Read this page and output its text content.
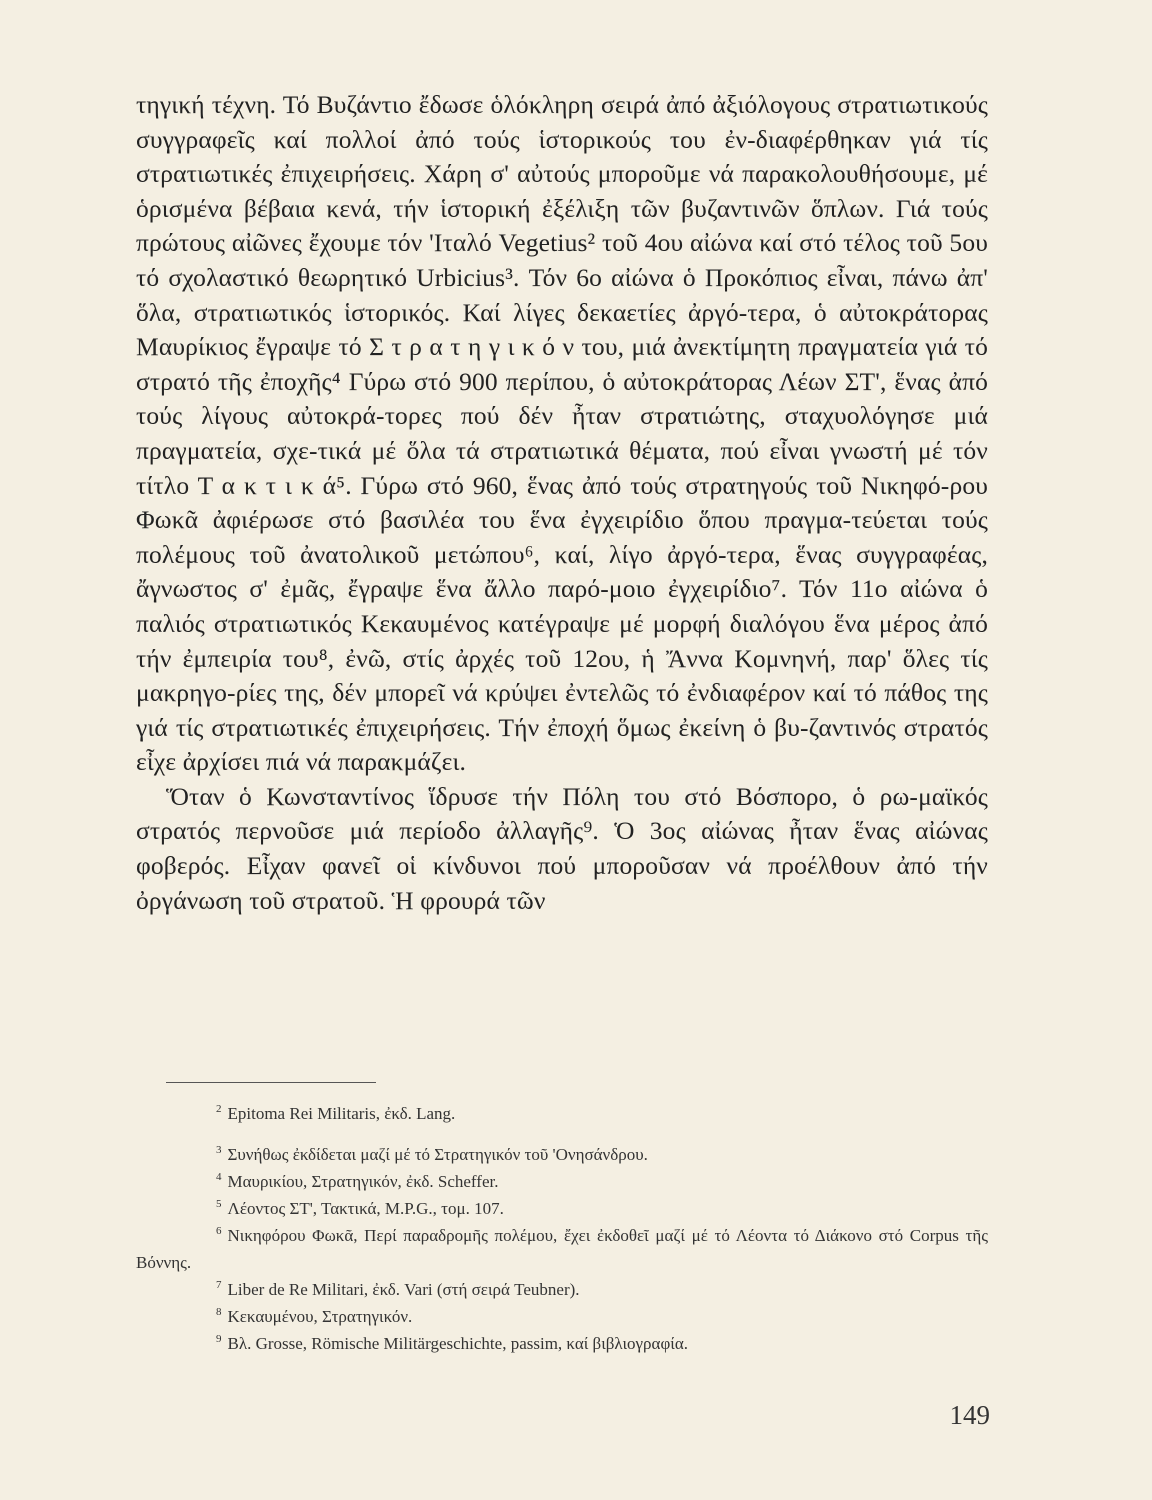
τηγική τέχνη. Τό Βυζάντιο ἔδωσε ὁλόκληρη σειρά ἀπό ἀξιόλογους στρατιωτικούς συγγραφεῖς καί πολλοί ἀπό τούς ἱστορικούς του ἐν-διαφέρθηκαν γιά τίς στρατιωτικές ἐπιχειρήσεις. Χάρη σ' αὐτούς μποροῦμε νά παρακολουθήσουμε, μέ ὁρισμένα βέβαια κενά, τήν ἱστορική ἐξέλιξη τῶν βυζαντινῶν ὅπλων. Γιά τούς πρώτους αἰῶνες ἔχουμε τόν 'Ιταλό Vegetius² τοῦ 4ου αἰώνα καί στό τέλος τοῦ 5ου τό σχολαστικό θεωρητικό Urbicius³. Τόν 6ο αἰώνα ὁ Προκόπιος εἶναι, πάνω ἀπ' ὅλα, στρατιωτικός ἱστορικός. Καί λίγες δεκαετίες ἀργό-τερα, ὁ αὐτοκράτορας Μαυρίκιος ἔγραψε τό Σ τ ρ α τ η γ ι κ ό ν του, μιά ἀνεκτίμητη πραγματεία γιά τό στρατό τῆς ἐποχῆς⁴ Γύρω στό 900 περίπου, ὁ αὐτοκράτορας Λέων ΣΤ', ἕνας ἀπό τούς λίγους αὐτοκρά-τορες πού δέν ἦταν στρατιώτης, σταχυολόγησε μιά πραγματεία, σχε-τικά μέ ὅλα τά στρατιωτικά θέματα, πού εἶναι γνωστή μέ τόν τίτλο Τ α κ τ ι κ ά⁵. Γύρω στό 960, ἕνας ἀπό τούς στρατηγούς τοῦ Νικηφό-ρου Φωκᾶ ἀφιέρωσε στό βασιλέα του ἕνα ἐγχειρίδιο ὅπου πραγμα-τεύεται τούς πολέμους τοῦ ἀνατολικοῦ μετώπου⁶, καί, λίγο ἀργό-τερα, ἕνας συγγραφέας, ἄγνωστος σ' ἐμᾶς, ἔγραψε ἕνα ἄλλο παρό-μοιο ἐγχειρίδιο⁷. Τόν 11ο αἰώνα ὁ παλιός στρατιωτικός Κεκαυμένος κατέγραψε μέ μορφή διαλόγου ἕνα μέρος ἀπό τήν ἐμπειρία του⁸, ἐνῶ, στίς ἀρχές τοῦ 12ου, ἡ Ἄννα Κομνηνή, παρ' ὅλες τίς μακρηγο-ρίες της, δέν μπορεῖ νά κρύψει ἐντελῶς τό ἐνδιαφέρον καί τό πάθος της γιά τίς στρατιωτικές ἐπιχειρήσεις. Τήν ἐποχή ὅμως ἐκείνη ὁ βυ-ζαντινός στρατός εἶχε ἀρχίσει πιά νά παρακμάζει.

Ὅταν ὁ Κωνσταντίνος ἵδρυσε τήν Πόλη του στό Βόσπορο, ὁ ρω-μαϊκός στρατός περνοῦσε μιά περίοδο ἀλλαγῆς⁹. Ὁ 3ος αἰώνας ἦταν ἕνας αἰώνας φοβερός. Εἶχαν φανεῖ οἱ κίνδυνοι πού μποροῦσαν νά προέλθουν ἀπό τήν ὀργάνωση τοῦ στρατοῦ. Ἡ φρουρά τῶν

2 Epitoma Rei Militaris, ἐκδ. Lang.

3 Συνήθως ἐκδίδεται μαζί μέ τό Στρατηγικόν τοῦ 'Ονησάνδρου.

4 Μαυρικίου, Στρατηγικόν, ἐκδ. Scheffer.

5 Λέοντος ΣΤ', Τακτικά, M.P.G., τομ. 107.

6 Νικηφόρου Φωκᾶ, Περί παραδρομῆς πολέμου, ἔχει ἐκδοθεῖ μαζί μέ τό Λέοντα τό Διάκονο στό Corpus τῆς Βόννης.

7 Liber de Re Militari, ἐκδ. Vari (στή σειρά Teubner).

8 Κεκαυμένου, Στρατηγικόν.

9 Βλ. Grosse, Römische Militärgeschichte, passim, καί βιβλιογραφία.

149
